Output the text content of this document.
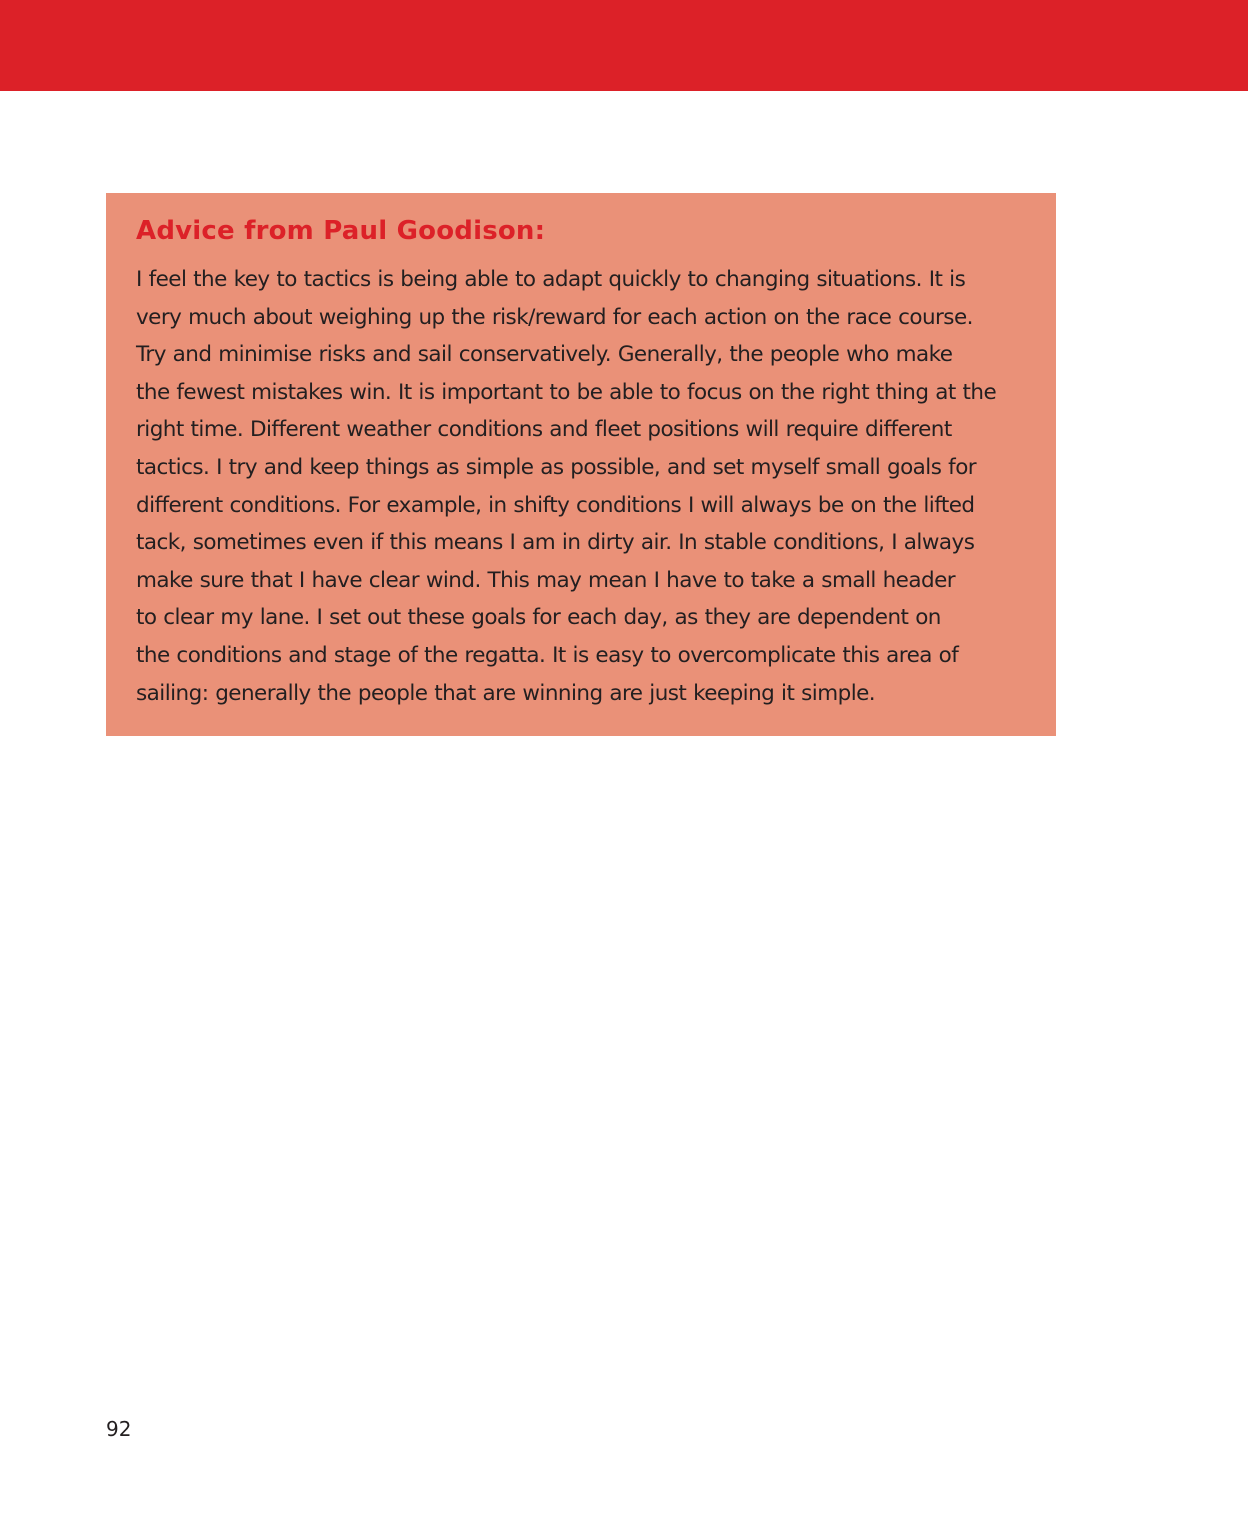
Advice from Paul Goodison:

I feel the key to tactics is being able to adapt quickly to changing situations. It is
very much about weighing up the risk/reward for each action on the race course.
Try and minimise risks and sail conservatively. Generally, the people who make
the fewest mistakes win. It is important to be able to focus on the right thing at the
right time. Different weather conditions and fleet positions will require different
tactics. I try and keep things as simple as possible, and set myself small goals for
different conditions. For example, in shifty conditions I will always be on the lifted
tack, sometimes even if this means I am in dirty air. In stable conditions, I always
make sure that I have clear wind. This may mean I have to take a small header
to clear my lane. I set out these goals for each day, as they are dependent on
the conditions and stage of the regatta. It is easy to overcomplicate this area of
sailing: generally the people that are winning are just keeping it simple.

92
